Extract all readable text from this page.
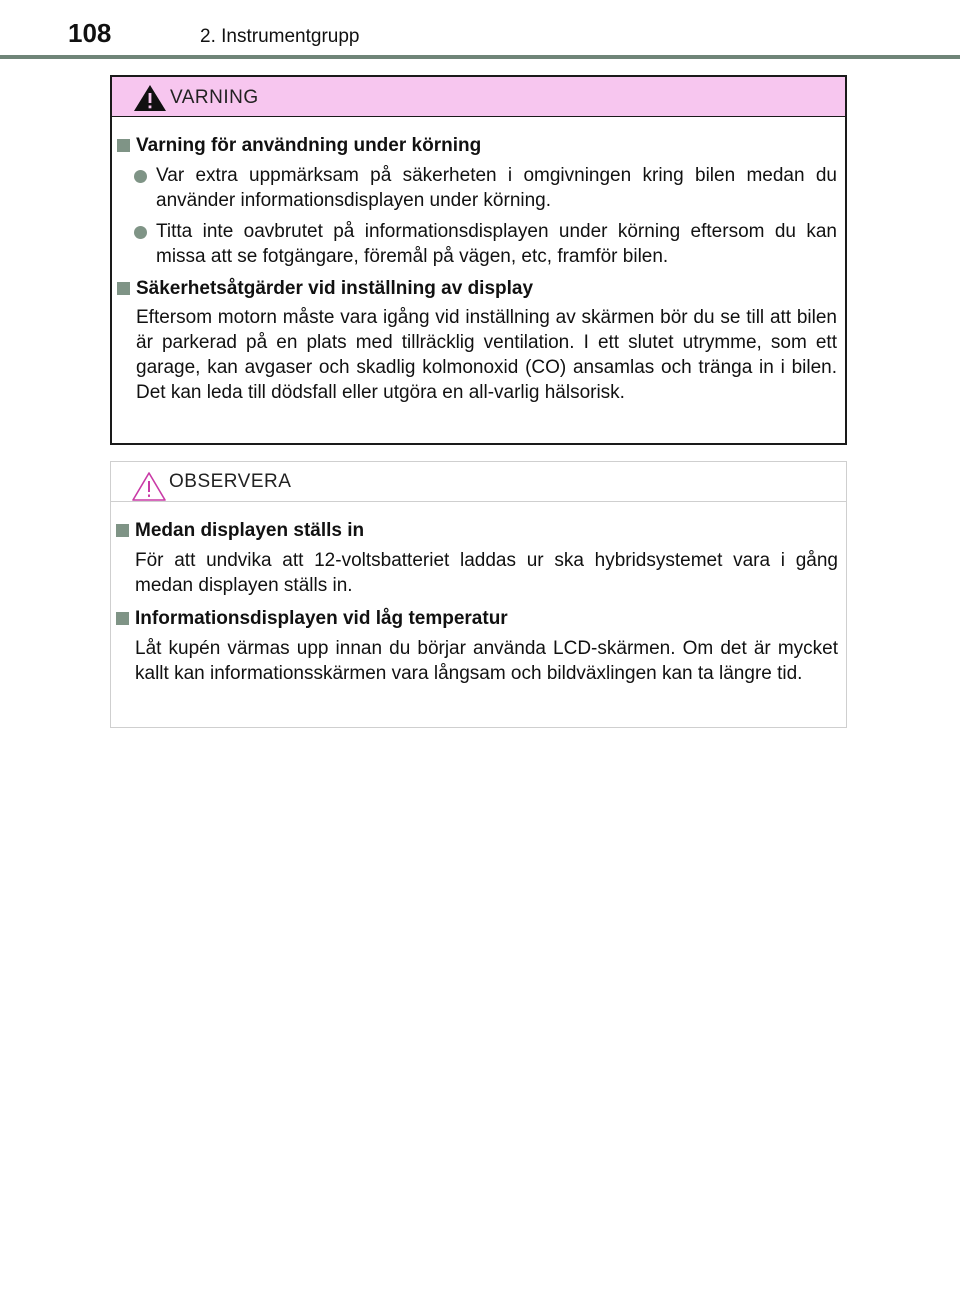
108	2. Instrumentgrupp
VARNING
Varning för användning under körning
Var extra uppmärksam på säkerheten i omgivningen kring bilen medan du använder informationsdisplayen under körning.
Titta inte oavbrutet på informationsdisplayen under körning eftersom du kan missa att se fotgängare, föremål på vägen, etc, framför bilen.
Säkerhetsåtgärder vid inställning av display
Eftersom motorn måste vara igång vid inställning av skärmen bör du se till att bilen är parkerad på en plats med tillräcklig ventilation. I ett slutet utrymme, som ett garage, kan avgaser och skadlig kolmonoxid (CO) ansamlas och tränga in i bilen. Det kan leda till dödsfall eller utgöra en all-varlig hälsorisk.
OBSERVERA
Medan displayen ställs in
För att undvika att 12-voltsbatteriet laddas ur ska hybridsystemet vara i gång medan displayen ställs in.
Informationsdisplayen vid låg temperatur
Låt kupén värmas upp innan du börjar använda LCD-skärmen. Om det är mycket kallt kan informationsskärmen vara långsam och bildväxlingen kan ta längre tid.
